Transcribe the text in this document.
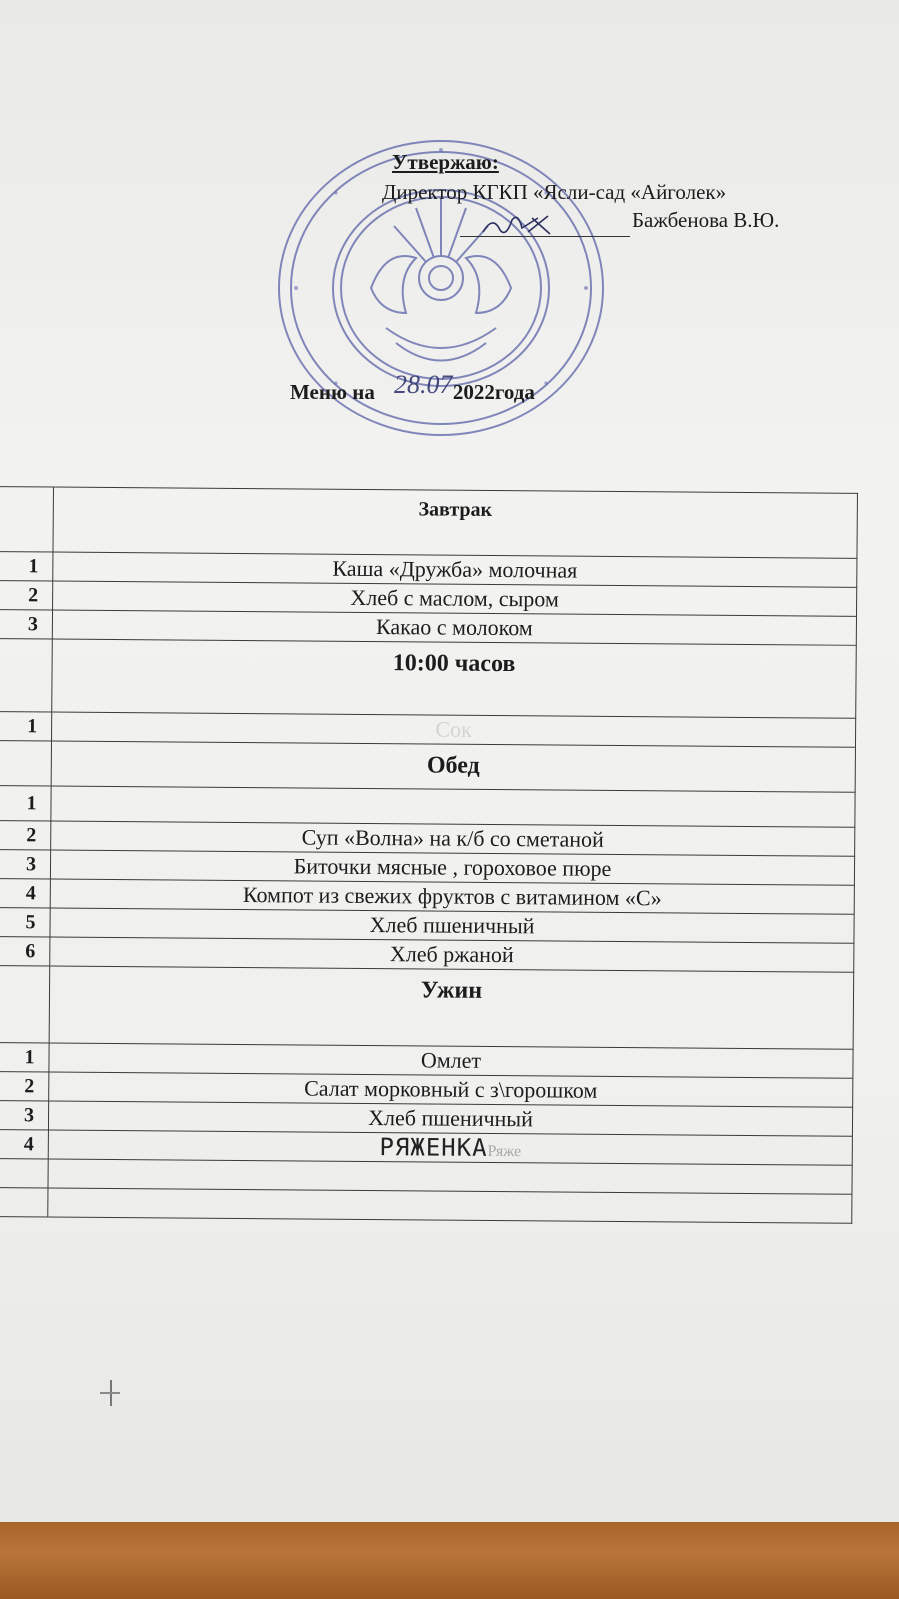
Утвержаю:
Директор КГКП «Ясли-сад «Айголек»
Бажбенова В.Ю.
Меню на	2022года
28.07
	Завтрак
1	Каша «Дружба» молочная
2	Хлеб с маслом, сыром
3	Какао с молоком
	10:00 часов
1	Сок
	Обед
1	
2	Суп «Волна» на к/б со сметаной
3	Биточки мясные , гороховое пюре
4	Компот из свежих фруктов с витамином «С»
5	Хлеб пшеничный
6	Хлеб ржаной
	Ужин
1	Омлет
2	Салат морковный с з\горошком
3	Хлеб пшеничный
4	РЯЖЕНКАРяже
